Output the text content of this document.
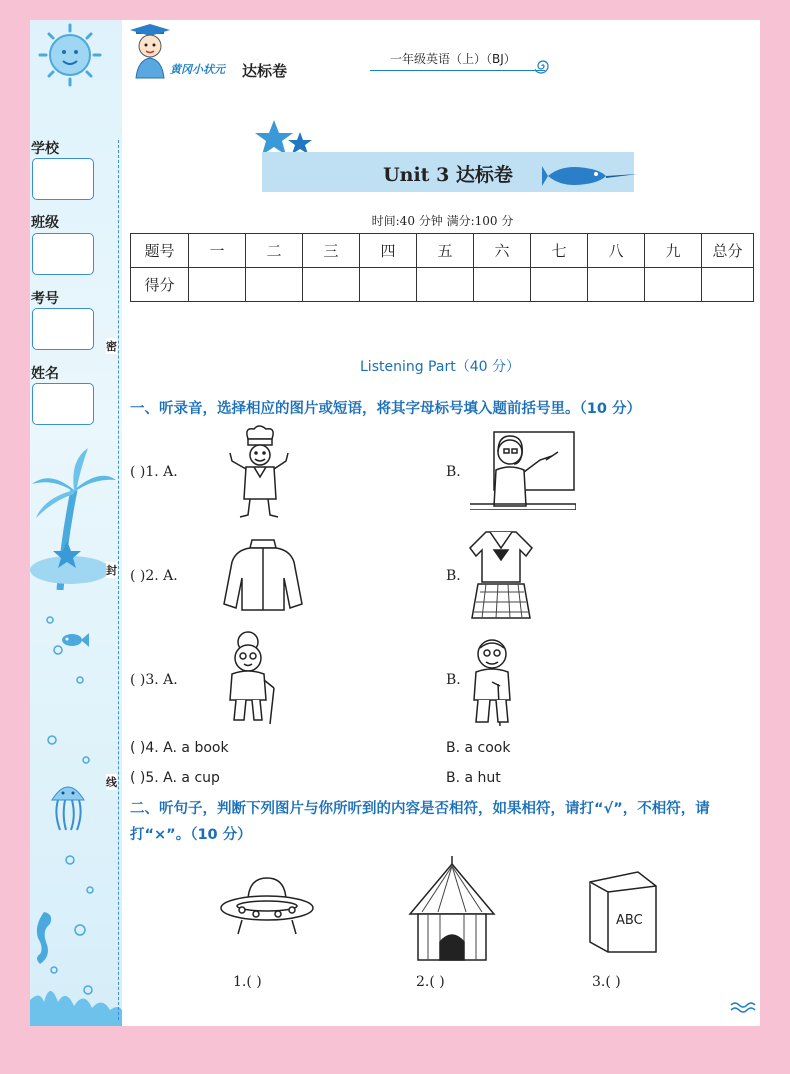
黄冈小状元 达标卷
一年级英语（上）（BJ）
学校
班级
考号
姓名
密
封
线
Unit 3 达标卷
时间:40 分钟 满分:100 分
题号	一	二	三	四	五	六	七	八	九	总分
得分										
Listening Part（40 分）
一、听录音，选择相应的图片或短语，将其字母标号填入题前括号里。（10 分）
( )1. A.	B.
( )2. A.	B.
( )3. A.	B.
( )4. A. a book	B. a cook
( )5. A. a cup	B. a hut
二、听句子，判断下列图片与你所听到的内容是否相符，如果相符，请打“√”，不相符，请打“×”。（10 分）
ABC
1.( )	2.( )	3.( )
